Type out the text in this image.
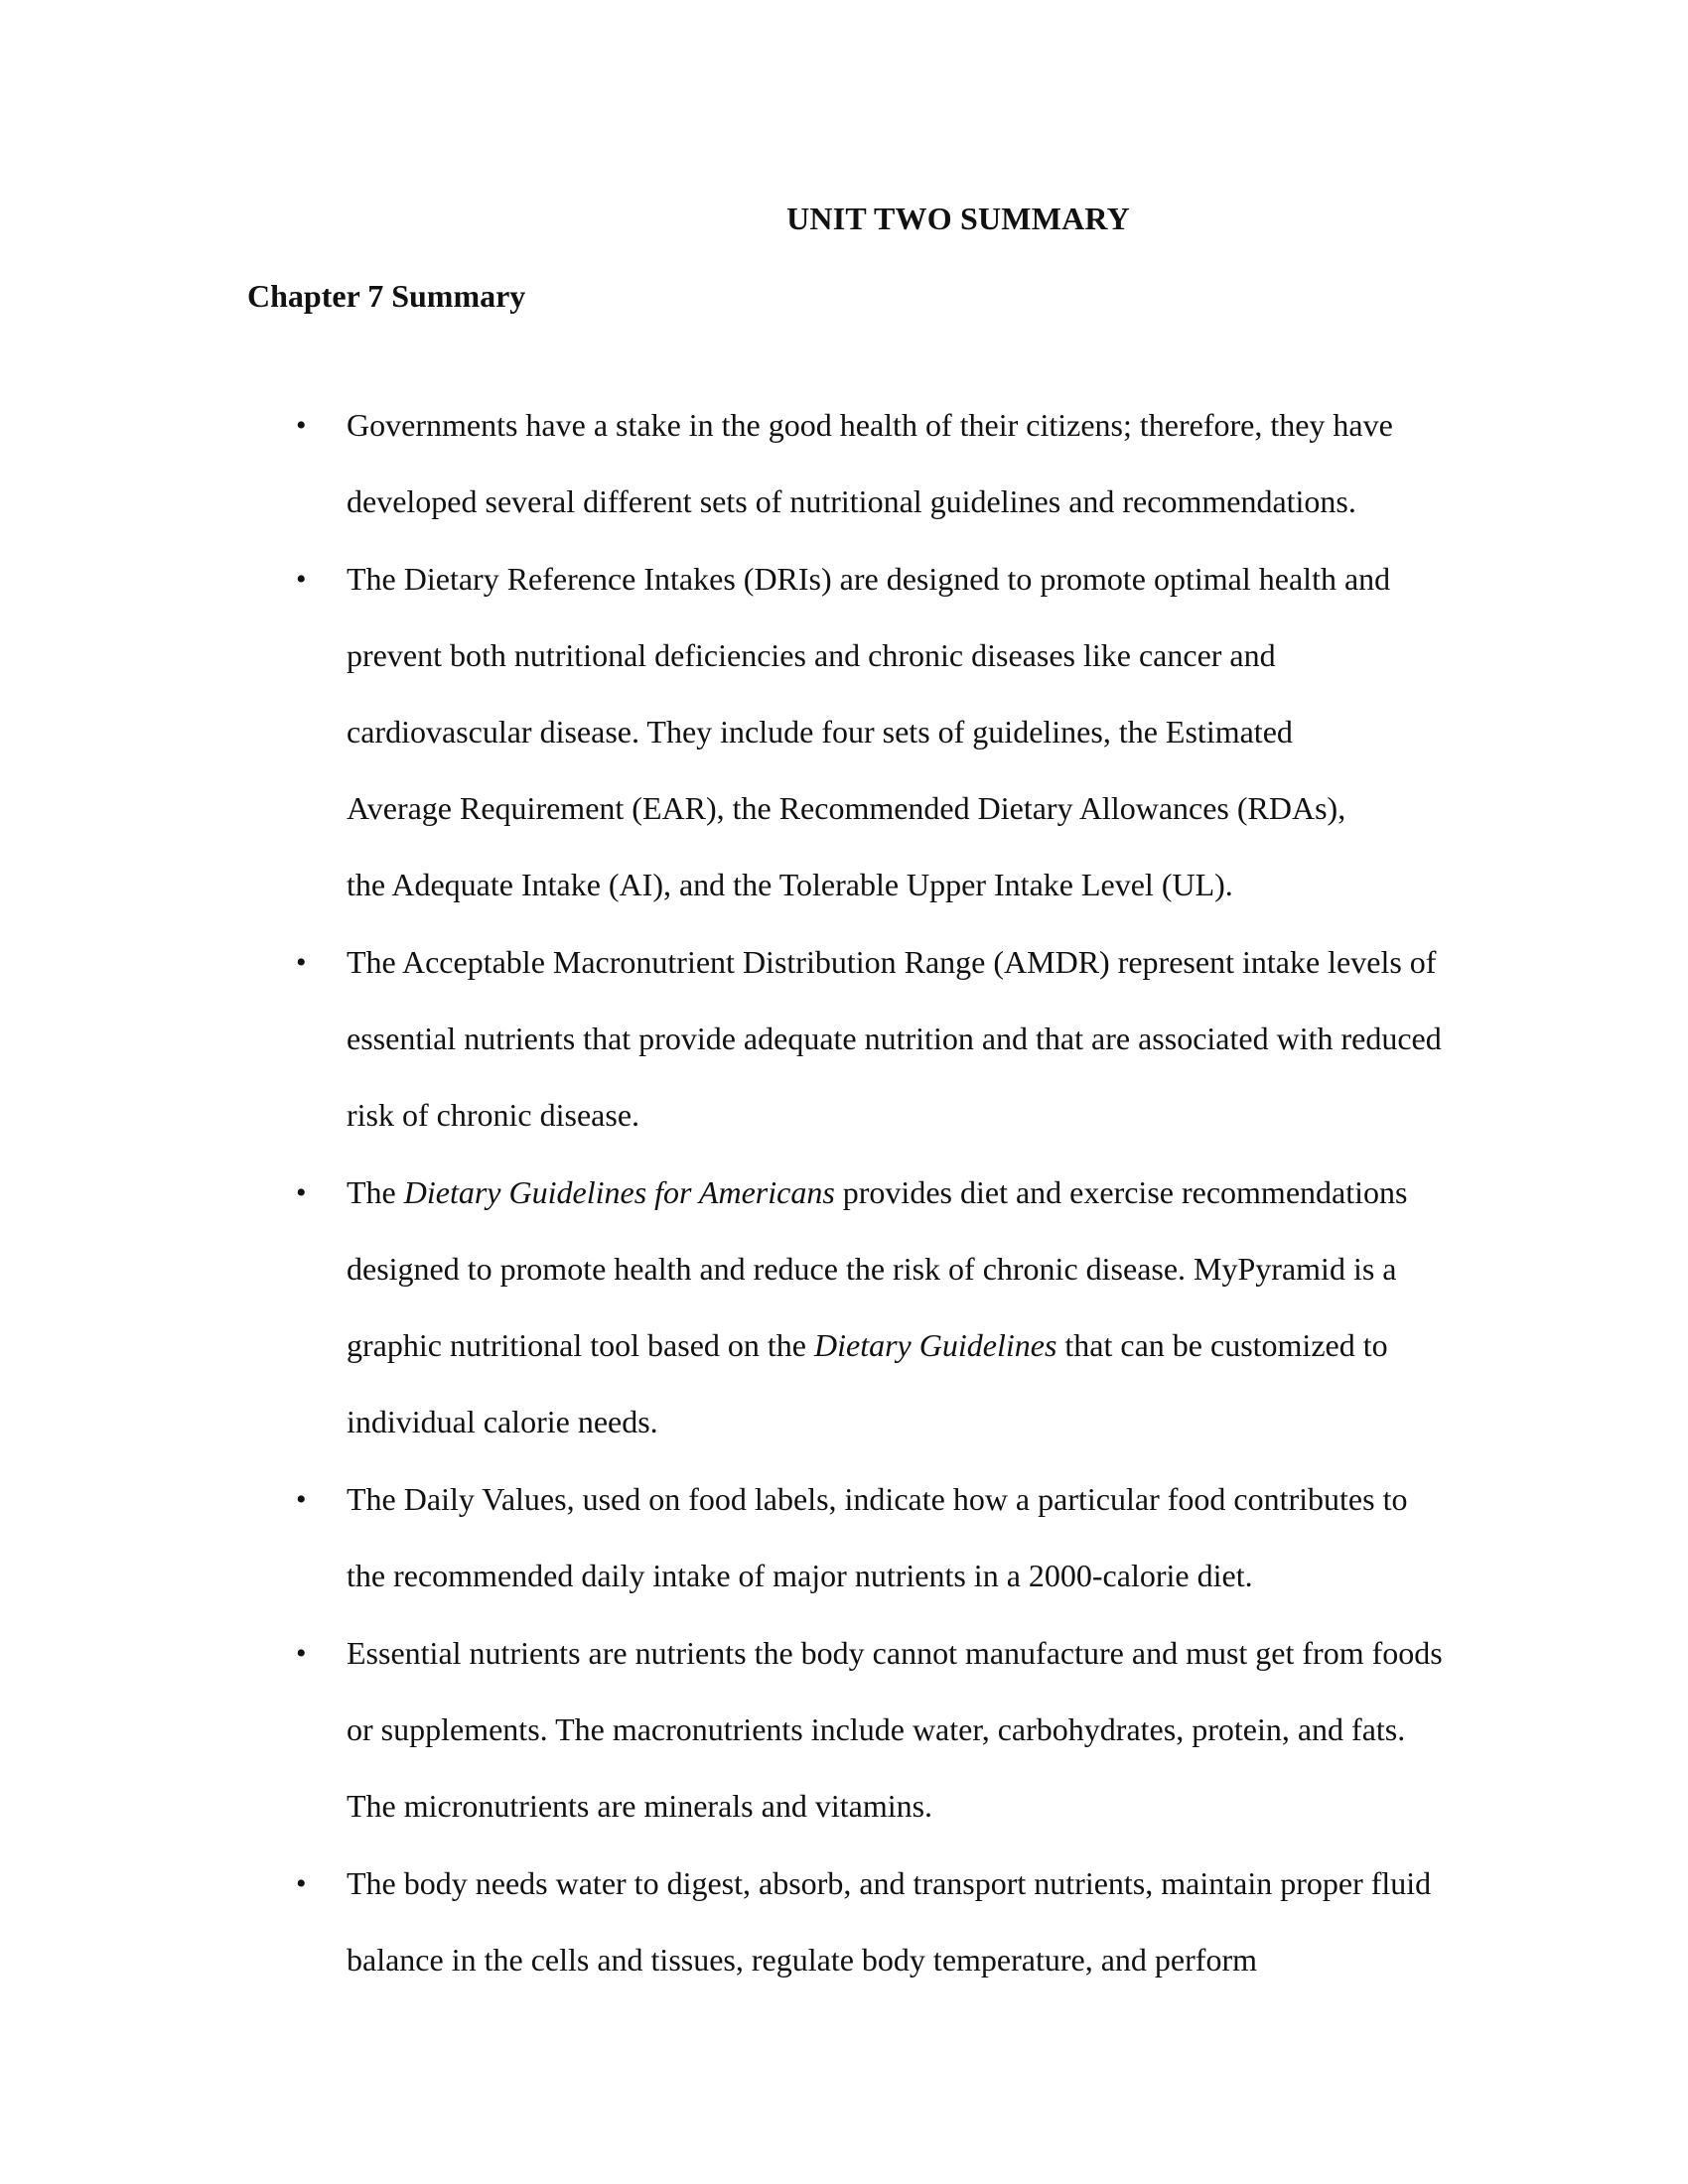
UNIT TWO SUMMARY
Chapter 7 Summary
• Governments have a stake in the good health of their citizens; therefore, they have developed several different sets of nutritional guidelines and recommendations.
• The Dietary Reference Intakes (DRIs) are designed to promote optimal health and
prevent both nutritional deficiencies and chronic diseases like cancer and
cardiovascular disease. They include four sets of guidelines, the Estimated
Average Requirement (EAR), the Recommended Dietary Allowances (RDAs),
the Adequate Intake (AI), and the Tolerable Upper Intake Level (UL).
• The Acceptable Macronutrient Distribution Range (AMDR) represent intake levels of essential nutrients that provide adequate nutrition and that are associated with reduced risk of chronic disease.
• The Dietary Guidelines for Americans provides diet and exercise recommendations designed to promote health and reduce the risk of chronic disease. MyPyramid is a graphic nutritional tool based on the Dietary Guidelines that can be customized to individual calorie needs.
• The Daily Values, used on food labels, indicate how a particular food contributes to the recommended daily intake of major nutrients in a 2000-calorie diet.
• Essential nutrients are nutrients the body cannot manufacture and must get from foods or supplements. The macronutrients include water, carbohydrates, protein, and fats. The micronutrients are minerals and vitamins.
• The body needs water to digest, absorb, and transport nutrients, maintain proper fluid balance in the cells and tissues, regulate body temperature, and perform
